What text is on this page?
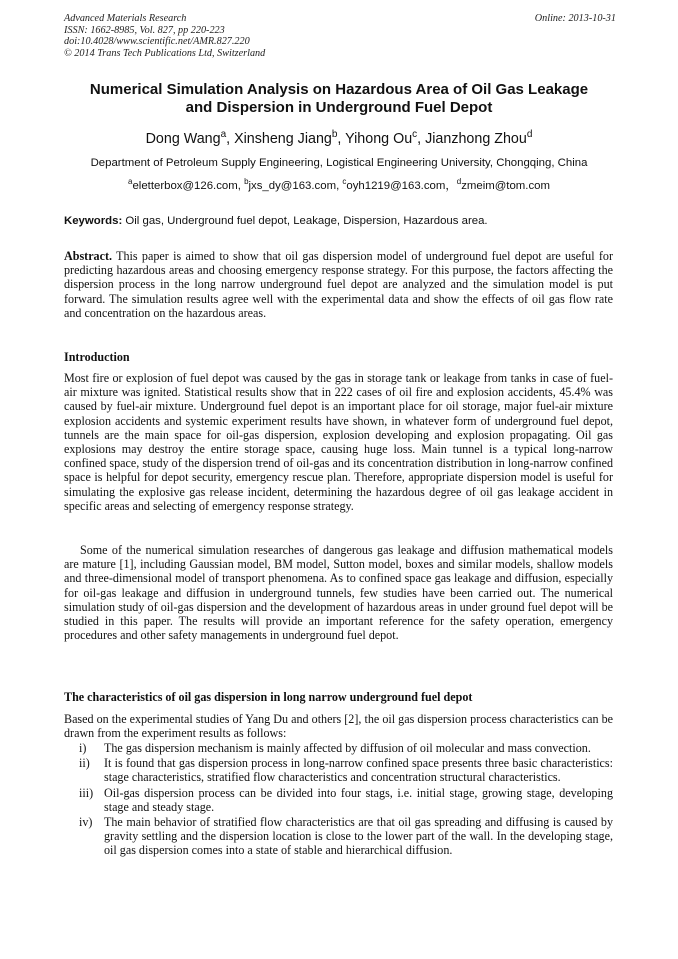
Advanced Materials Research
ISSN: 1662-8985, Vol. 827, pp 220-223
doi:10.4028/www.scientific.net/AMR.827.220
© 2014 Trans Tech Publications Ltd, Switzerland
Online: 2013-10-31
Numerical Simulation Analysis on Hazardous Area of Oil Gas Leakage
and Dispersion in Underground Fuel Depot
Dong Wang$^a$, Xinsheng Jiang$^b$, Yihong Ou$^c$, Jianzhong Zhou$^d$
Department of Petroleum Supply Engineering, Logistical Engineering University, Chongqing, China
$^a$eletterbox@126.com, $^b$jxs_dy@163.com, $^c$oyh1219@163.com，$^d$zmeim@tom.com
Keywords: Oil gas, Underground fuel depot, Leakage, Dispersion, Hazardous area.
Abstract. This paper is aimed to show that oil gas dispersion model of underground fuel depot are useful for predicting hazardous areas and choosing emergency response strategy. For this purpose, the factors affecting the dispersion process in the long narrow underground fuel depot are analyzed and the simulation model is put forward. The simulation results agree well with the experimental data and show the effects of oil gas flow rate and concentration on the hazardous areas.
Introduction
Most fire or explosion of fuel depot was caused by the gas in storage tank or leakage from tanks in case of fuel-air mixture was ignited. Statistical results show that in 222 cases of oil fire and explosion accidents, 45.4% was caused by fuel-air mixture. Underground fuel depot is an important place for oil storage, major fuel-air mixture explosion accidents and systemic experiment results have shown, in whatever form of underground fuel depot, tunnels are the main space for oil-gas dispersion, explosion developing and explosion propagating. Oil gas explosions may destroy the entire storage space, causing huge loss. Main tunnel is a typical long-narrow confined space, study of the dispersion trend of oil-gas and its concentration distribution in long-narrow confined space is helpful for depot security, emergency rescue plan. Therefore, appropriate dispersion model is useful for simulating the explosive gas release incident, determining the hazardous degree of oil gas leakage accident in specific areas and selecting of emergency response strategy.
Some of the numerical simulation researches of dangerous gas leakage and diffusion mathematical models are mature [1], including Gaussian model, BM model, Sutton model, boxes and similar models, shallow models and three-dimensional model of transport phenomena. As to confined space gas leakage and diffusion, especially for oil-gas leakage and diffusion in underground tunnels, few studies have been carried out. The numerical simulation study of oil-gas dispersion and the development of hazardous areas in under ground fuel depot will be studied in this paper. The results will provide an important reference for the safety operation, emergency procedures and other safety managements in underground fuel depot.
The characteristics of oil gas dispersion in long narrow underground fuel depot
Based on the experimental studies of Yang Du and others [2], the oil gas dispersion process characteristics can be drawn from the experiment results as follows:
i) The gas dispersion mechanism is mainly affected by diffusion of oil molecular and mass convection.
ii) It is found that gas dispersion process in long-narrow confined space presents three basic characteristics: stage characteristics, stratified flow characteristics and concentration structural characteristics.
iii) Oil-gas dispersion process can be divided into four stags, i.e. initial stage, growing stage, developing stage and steady stage.
iv) The main behavior of stratified flow characteristics are that oil gas spreading and diffusing is caused by gravity settling and the dispersion location is close to the lower part of the wall. In the developing stage, oil gas dispersion comes into a state of stable and hierarchical diffusion.
